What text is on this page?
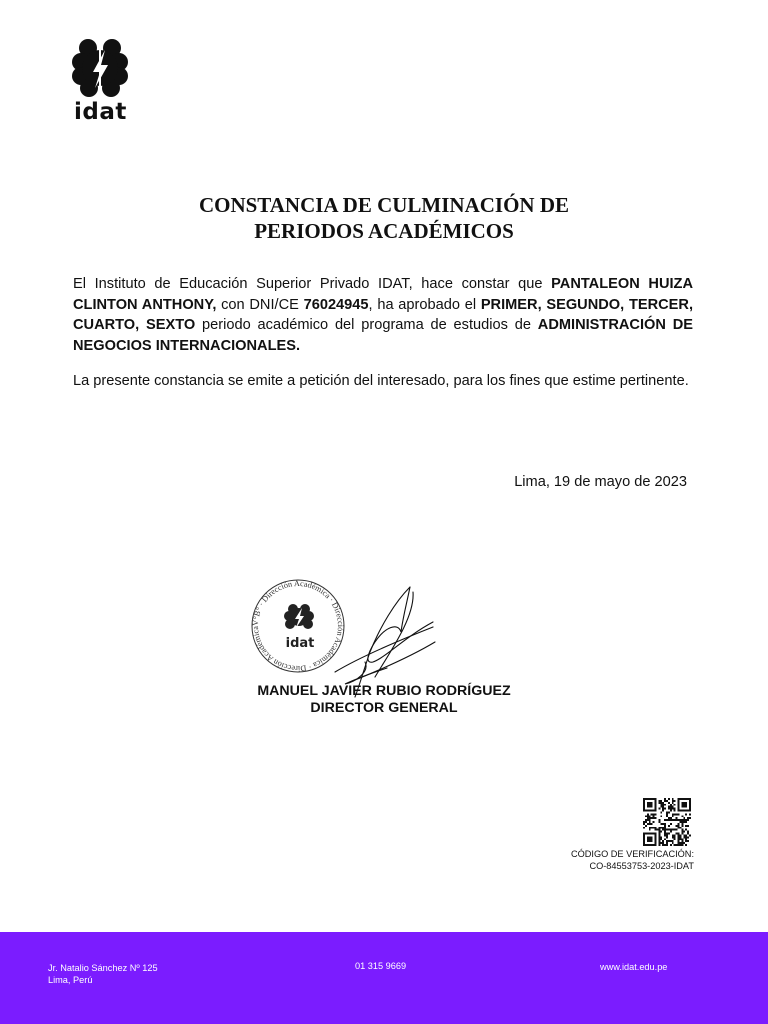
idat
CONSTANCIA DE CULMINACIÓN DE
PERIODOS ACADÉMICOS
El Instituto de Educación Superior Privado IDAT, hace constar que PANTALEON HUIZA CLINTON ANTHONY, con DNI/CE 76024945, ha aprobado el PRIMER, SEGUNDO, TERCER, CUARTO, SEXTO periodo académico del programa de estudios de ADMINISTRACIÓN DE NEGOCIOS INTERNACIONALES.
La presente constancia se emite a petición del interesado, para los fines que estime pertinente.
Lima, 19 de mayo de 2023
V°B° · Dirección Académica · Dirección Académica · Dirección Académica
idat
MANUEL JAVIER RUBIO RODRÍGUEZ
DIRECTOR GENERAL
CÓDIGO DE VERIFICACIÓN:
CO-84553753-2023-IDAT
Jr. Natalio Sánchez Nº 125
Lima, Perú
01 315 9669	www.idat.edu.pe
